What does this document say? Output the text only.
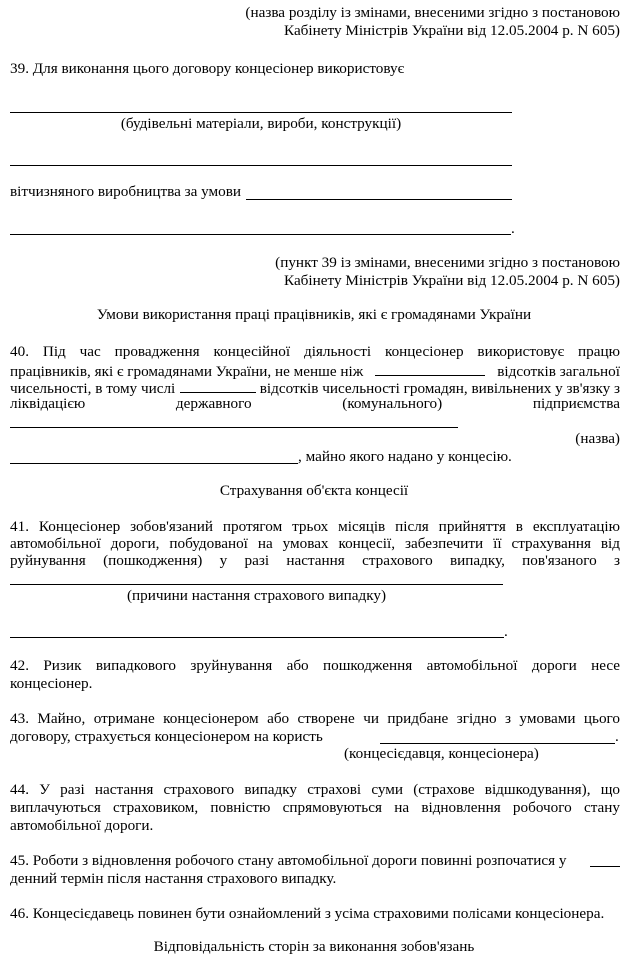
(назва розділу із змінами, внесеними згідно з постановою
Кабінету Міністрів України від 12.05.2004 р. N 605)
39. Для виконання цього договору концесіонер використовує
(будівельні матеріали, вироби, конструкції)
вітчизняного виробництва за умови
.
(пункт 39 із змінами, внесеними згідно з постановою
Кабінету Міністрів України від 12.05.2004 р. N 605)
Умови використання праці працівників, які є громадянами України
40. Під час провадження концесійної діяльності концесіонер використовує працю
працівників, які є громадянами України, не менше ніж	відсотків загальної
чисельності, в тому числі	відсотків чисельності громадян, вивільнених у зв'язку з
ліквідацією державного (комунального) підприємства
(назва)
, майно якого надано у концесію.
Страхування об'єкта концесії
41. Концесіонер зобов'язаний протягом трьох місяців після прийняття в експлуатацію
автомобільної дороги, побудованої на умовах концесії, забезпечити її страхування від
руйнування (пошкодження) у разі настання страхового випадку, пов'язаного з
(причини настання страхового випадку)
.
42. Ризик випадкового зруйнування або пошкодження автомобільної дороги несе
концесіонер.
43. Майно, отримане концесіонером або створене чи придбане згідно з умовами цього
договору, страхується концесіонером на користь	.
(концесієдавця, концесіонера)
44. У разі настання страхового випадку страхові суми (страхове відшкодування), що
виплачуються страховиком, повністю спрямовуються на відновлення робочого стану
автомобільної дороги.
45. Роботи з відновлення робочого стану автомобільної дороги повинні розпочатися у
денний термін після настання страхового випадку.
46. Концесієдавець повинен бути ознайомлений з усіма страховими полісами концесіонера.
Відповідальність сторін за виконання зобов'язань
